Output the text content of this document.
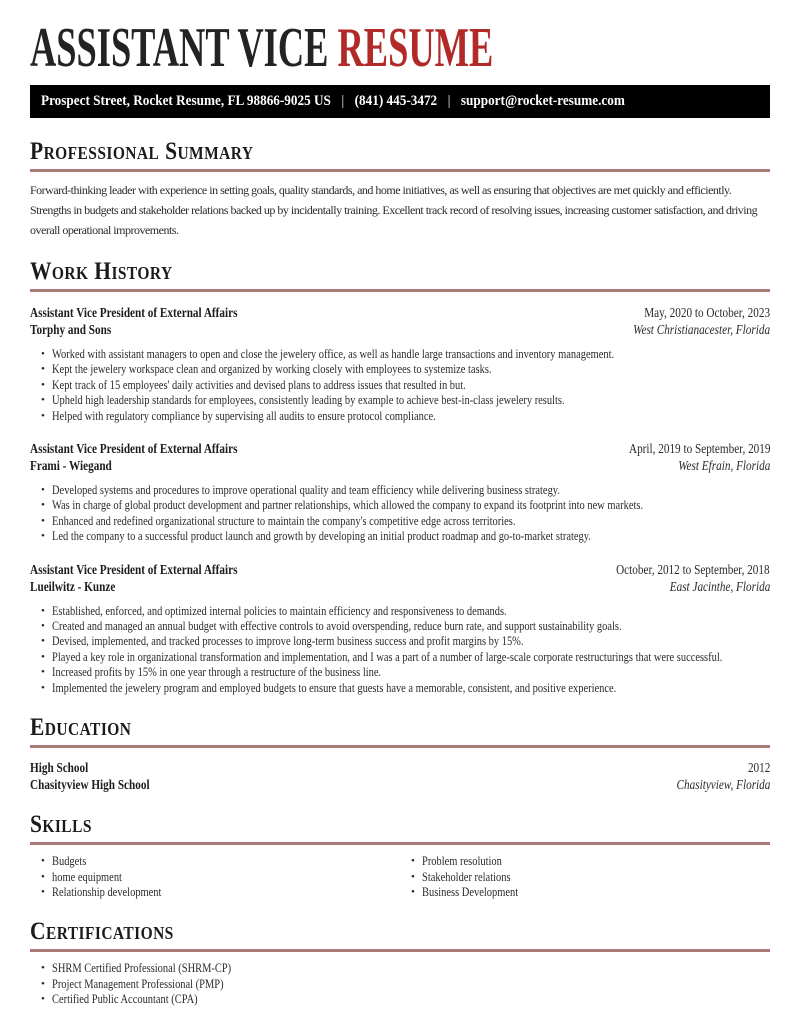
ASSISTANT VICE RESUME
Prospect Street, Rocket Resume, FL 98866-9025 US | (841) 445-3472 | support@rocket-resume.com
Professional Summary

Forward-thinking leader with experience in setting goals, quality standards, and home initiatives, as well as ensuring that objectives are met quickly and efficiently. Strengths in budgets and stakeholder relations backed up by incidentally training. Excellent track record of resolving issues, increasing customer satisfaction, and driving overall operational improvements.

Work History
Assistant Vice President of External Affairs	May, 2020 to October, 2023
Torphy and Sons	West Christianacester, Florida
• Worked with assistant managers to open and close the jewelery office, as well as handle large transactions and inventory management.
• Kept the jewelery workspace clean and organized by working closely with employees to systemize tasks.
• Kept track of 15 employees' daily activities and devised plans to address issues that resulted in but.
• Upheld high leadership standards for employees, consistently leading by example to achieve best-in-class jewelery results.
• Helped with regulatory compliance by supervising all audits to ensure protocol compliance.
Assistant Vice President of External Affairs	April, 2019 to September, 2019
Frami - Wiegand	West Efrain, Florida
• Developed systems and procedures to improve operational quality and team efficiency while delivering business strategy.
• Was in charge of global product development and partner relationships, which allowed the company to expand its footprint into new markets.
• Enhanced and redefined organizational structure to maintain the company's competitive edge across territories.
• Led the company to a successful product launch and growth by developing an initial product roadmap and go-to-market strategy.
Assistant Vice President of External Affairs	October, 2012 to September, 2018
Lueilwitz - Kunze	East Jacinthe, Florida
• Established, enforced, and optimized internal policies to maintain efficiency and responsiveness to demands.
• Created and managed an annual budget with effective controls to avoid overspending, reduce burn rate, and support sustainability goals.
• Devised, implemented, and tracked processes to improve long-term business success and profit margins by 15%.
• Played a key role in organizational transformation and implementation, and I was a part of a number of large-scale corporate restructurings that were successful.
• Increased profits by 15% in one year through a restructure of the business line.
• Implemented the jewelery program and employed budgets to ensure that guests have a memorable, consistent, and positive experience.
Education
High School	2012
Chasityview High School	Chasityview, Florida
Skills
• Budgets
• home equipment
• Relationship development
• Problem resolution
• Stakeholder relations
• Business Development
Certifications
• SHRM Certified Professional (SHRM-CP)
• Project Management Professional (PMP)
• Certified Public Accountant (CPA)
